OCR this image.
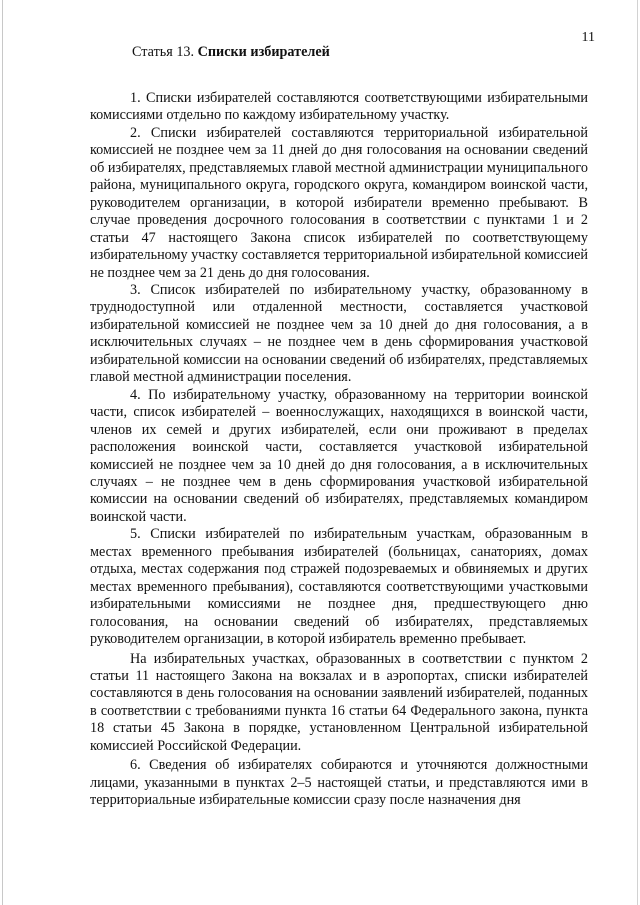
11
Статья 13. Списки избирателей

1. Списки избирателей составляются соответствующими избирательными комиссиями отдельно по каждому избирательному участку.

2. Списки избирателей составляются территориальной избирательной комиссией не позднее чем за 11 дней до дня голосования на основании сведений об избирателях, представляемых главой местной администрации муниципального района, муниципального округа, городского округа, командиром воинской части, руководителем организации, в которой избиратели временно пребывают. В случае проведения досрочного голосования в соответствии с пунктами 1 и 2 статьи 47 настоящего Закона список избирателей по соответствующему избирательному участку составляется территориальной избирательной комиссией не позднее чем за 21 день до дня голосования.

3. Список избирателей по избирательному участку, образованному в труднодоступной или отдаленной местности, составляется участковой избирательной комиссией не позднее чем за 10 дней до дня голосования, а в исключительных случаях – не позднее чем в день сформирования участковой избирательной комиссии на основании сведений об избирателях, представляемых главой местной администрации поселения.

4. По избирательному участку, образованному на территории воинской части, список избирателей – военнослужащих, находящихся в воинской части, членов их семей и других избирателей, если они проживают в пределах расположения воинской части, составляется участковой избирательной комиссией не позднее чем за 10 дней до дня голосования, а в исключительных случаях – не позднее чем в день сформирования участковой избирательной комиссии на основании сведений об избирателях, представляемых командиром воинской части.

5. Списки избирателей по избирательным участкам, образованным в местах временного пребывания избирателей (больницах, санаториях, домах отдыха, местах содержания под стражей подозреваемых и обвиняемых и других местах временного пребывания), составляются соответствующими участковыми избирательными комиссиями не позднее дня, предшествующего дню голосования, на основании сведений об избирателях, представляемых руководителем организации, в которой избиратель временно пребывает.

На избирательных участках, образованных в соответствии с пунктом 2 статьи 11 настоящего Закона на вокзалах и в аэропортах, списки избирателей составляются в день голосования на основании заявлений избирателей, поданных в соответствии с требованиями пункта 16 статьи 64 Федерального закона, пункта 18 статьи 45 Закона в порядке, установленном Центральной избирательной комиссией Российской Федерации.

6. Сведения об избирателях собираются и уточняются должностными лицами, указанными в пунктах 2–5 настоящей статьи, и представляются ими в территориальные избирательные комиссии сразу после назначения дня
